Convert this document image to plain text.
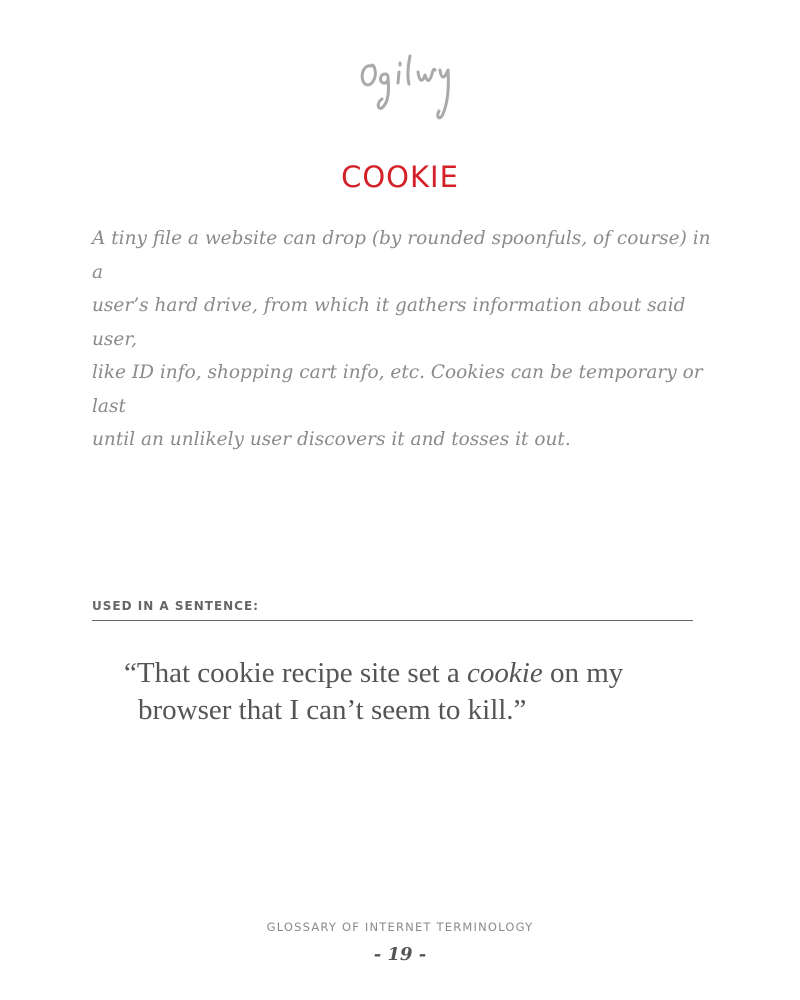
COOKIE
A tiny file a website can drop (by rounded spoonfuls, of course) in a
user’s hard drive, from which it gathers information about said user,
like ID info, shopping cart info, etc. Cookies can be temporary or last
until an unlikely user discovers it and tosses it out.
USED IN A SENTENCE:
“That cookie recipe site set a cookie on my
browser that I can’t seem to kill.”
GLOSSARY OF INTERNET TERMINOLOGY
- 19 -
